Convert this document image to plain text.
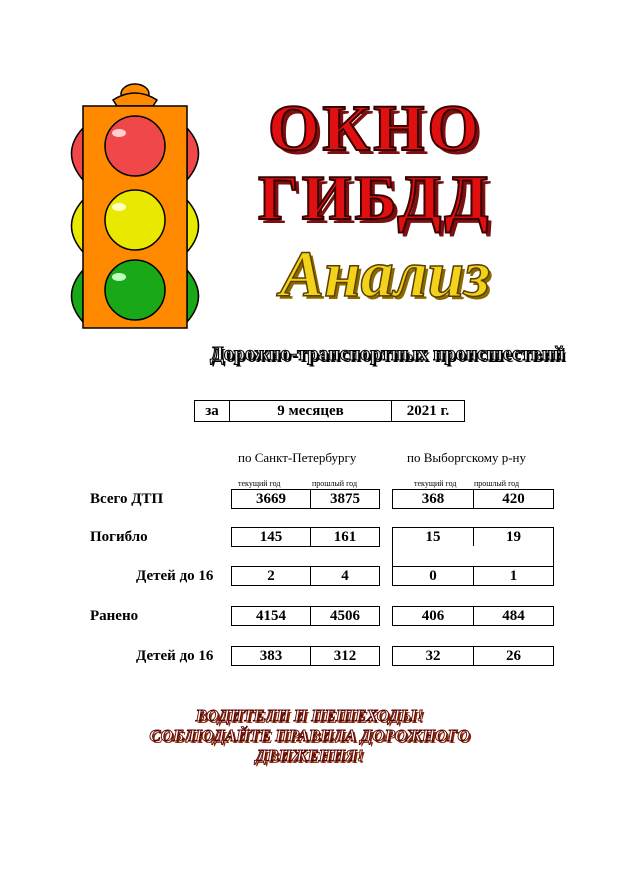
ОКНО
ГИБДД
Анализ
Дорожно-транспортных происшествий
за	9 месяцев	2021 г.
по Санкт-Петербургу	по Выборгскому р-ну
текущий год	прошлый год	текущий год прошлый год
Всего ДТП	3669	3875	368	420
Погибло	145	161	15	19
Детей до 16	2	4	0	1
Ранено	4154	4506	406	484
Детей до 16	383	312	32	26
ВОДИТЕЛИ И ПЕШЕХОДЫ!
СОБЛЮДАЙТЕ ПРАВИЛА ДОРОЖНОГО
ДВИЖЕНИЯ!
